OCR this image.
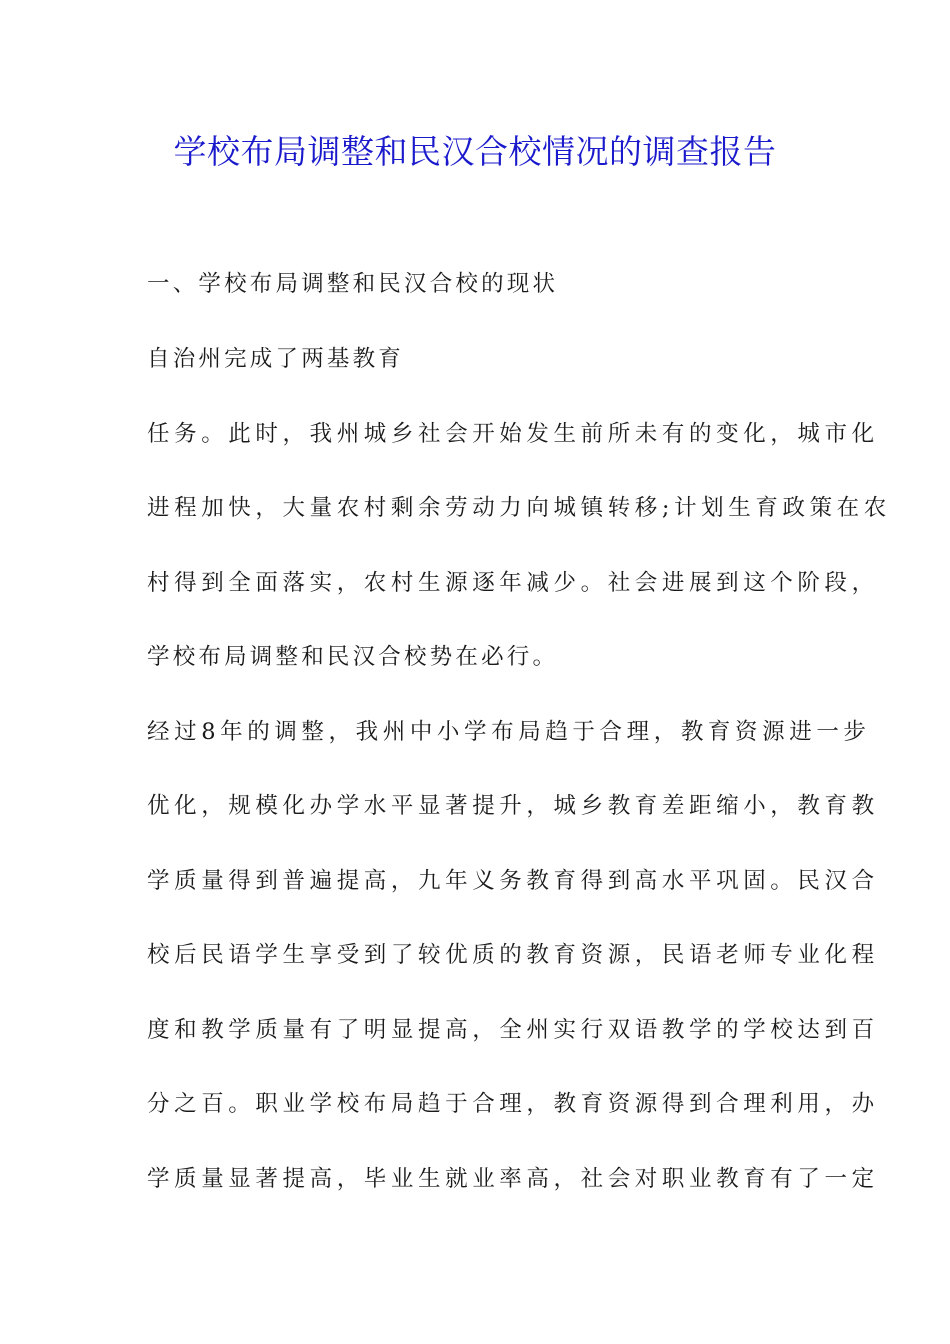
学校布局调整和民汉合校情况的调查报告
一、学校布局调整和民汉合校的现状
自治州完成了两基教育
任务。此时，我州城乡社会开始发生前所未有的变化，城市化
进程加快，大量农村剩余劳动力向城镇转移;计划生育政策在农
村得到全面落实，农村生源逐年减少。社会进展到这个阶段，
学校布局调整和民汉合校势在必行。
经过8年的调整，我州中小学布局趋于合理，教育资源进一步
优化，规模化办学水平显著提升，城乡教育差距缩小，教育教
学质量得到普遍提高，九年义务教育得到高水平巩固。民汉合
校后民语学生享受到了较优质的教育资源，民语老师专业化程
度和教学质量有了明显提高，全州实行双语教学的学校达到百
分之百。职业学校布局趋于合理，教育资源得到合理利用，办
学质量显著提高，毕业生就业率高，社会对职业教育有了一定
